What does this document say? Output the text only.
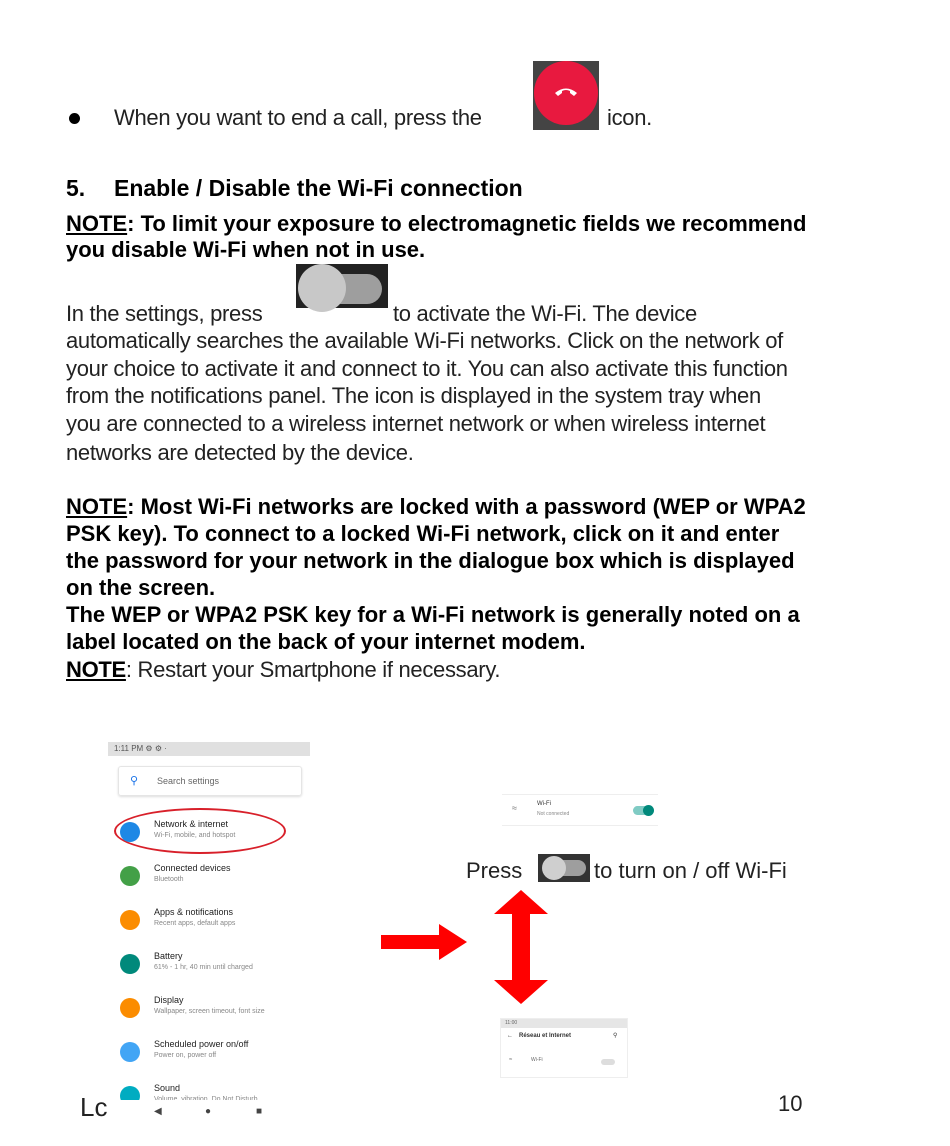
When you want to end a call, press the	icon.
5. Enable / Disable the Wi-Fi connection
NOTE: To limit your exposure to electromagnetic fields we recommend
you disable Wi-Fi when not in use.
In the settings, press	to activate the Wi-Fi. The device
automatically searches the available Wi-Fi networks. Click on the network of
your choice to activate it and connect to it. You can also activate this function
from the notifications panel. The icon is displayed in the system tray when
you are connected to a wireless internet network or when wireless internet
networks are detected by the device.
NOTE: Most Wi-Fi networks are locked with a password (WEP or WPA2
PSK key). To connect to a locked Wi-Fi network, click on it and enter
the password for your network in the dialogue box which is displayed
on the screen.
The WEP or WPA2 PSK key for a Wi-Fi network is generally noted on a
label located on the back of your internet modem.
NOTE: Restart your Smartphone if necessary.
1:11 PM ⚙ ⚙ ·
⚲ Search settings
Network & internet
Wi-Fi, mobile, and hotspot
Connected devices
Bluetooth
Apps & notifications
Recent apps, default apps
Battery
61% - 1 hr, 40 min until charged
Display
Wallpaper, screen timeout, font size
Scheduled power on/off
Power on, power off
Sound
◀	●	■
≈	Wi-Fi
Not connected
Press	to turn on / off Wi-Fi
11:00
← Réseau et Internet	⚲
Wi-Fi
≈
Lc	10
